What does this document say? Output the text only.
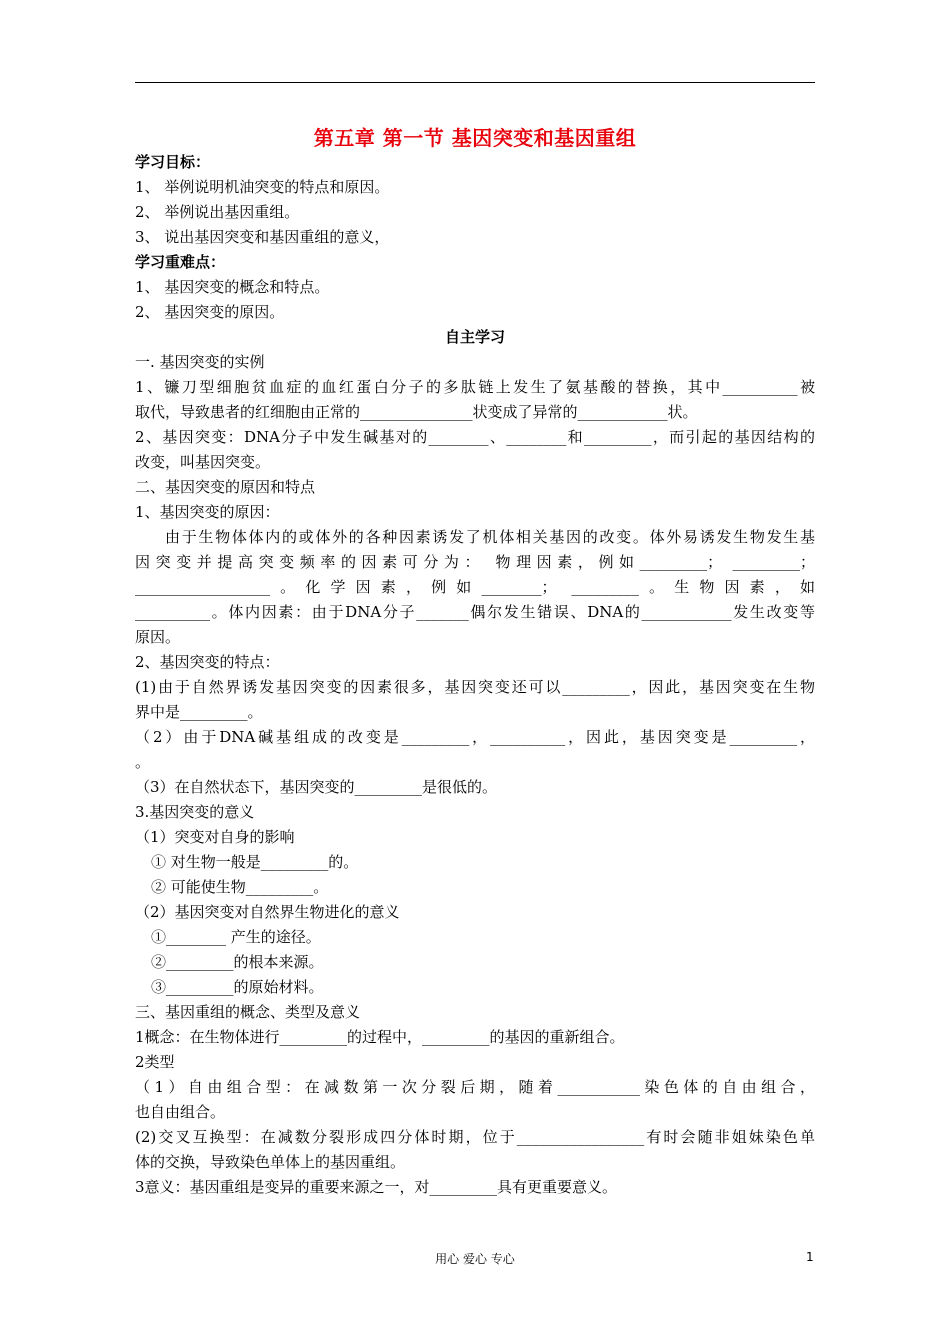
第五章 第一节 基因突变和基因重组

学习目标：

1、 举例说明机油突变的特点和原因。

2、 举例说出基因重组。

3、 说出基因突变和基因重组的意义，

学习重难点：

1、 基因突变的概念和特点。

2、 基因突变的原因。

自主学习

一. 基因突变的实例

1、镰刀型细胞贫血症的血红蛋白分子的多肽链上发生了氨基酸的替换，其中__________被

取代，导致患者的红细胞由正常的_______________状变成了异常的____________状。

2、基因突变：DNA分子中发生碱基对的________、________和_________，而引起的基因结构的

改变，叫基因突变。

二、基因突变的原因和特点

1、基因突变的原因：

由于生物体体内的或体外的各种因素诱发了机体相关基因的改变。体外易诱发生物发生基

因突变并提高突变频率的因素可分为： 物理因素，例如_________； _________；

__________________。化学因素，例如________； _________。生物因素，如

__________。体内因素：由于DNA分子_______偶尔发生错误、DNA的____________发生改变等

原因。

2、基因突变的特点：

(1)由于自然界诱发基因突变的因素很多，基因突变还可以_________，因此，基因突变在生物

界中是_________。

（2）由于DNA碱基组成的改变是_________，__________，因此，基因突变是_________，

。

（3）在自然状态下，基因突变的_________是很低的。

3.基因突变的意义

（1）突变对自身的影响

① 对生物一般是_________的。

② 可能使生物_________。

（2）基因突变对自然界生物进化的意义

①________ 产生的途径。

②_________的根本来源。

③_________的原始材料。

三、基因重组的概念、类型及意义

1概念：在生物体进行_________的过程中，_________的基因的重新组合。

2类型

（1）自由组合型：在减数第一次分裂后期，随着___________染色体的自由组合，

也自由组合。

(2)交叉互换型：在减数分裂形成四分体时期，位于_________________有时会随非姐妹染色单

体的交换，导致染色单体上的基因重组。

3意义：基因重组是变异的重要来源之一，对_________具有更重要意义。

用心 爱心 专心	1
